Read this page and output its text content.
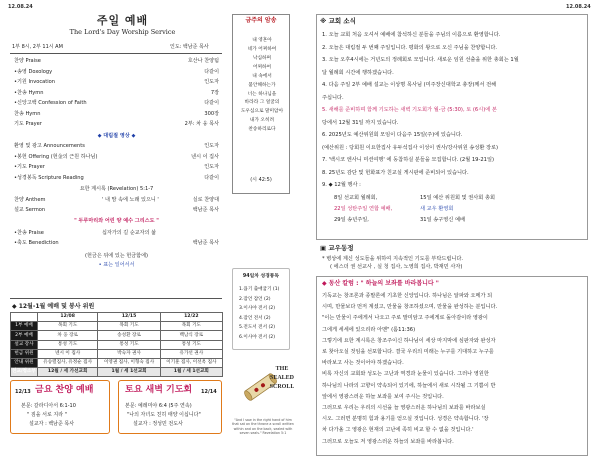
12.08.24	12.08.24
주일 예배
The Lord's Day Worship Service
1부 8시, 2부 11시 AM	인도: 백남준 목사
찬양 Praise	호산나 찬양팀
•송영 Doxology	다같이
•기원 Invocation	인도자
•찬송 Hymn	7장
•신앙고백 Confession of Faith	다같이
찬송 Hymn	300장
기도 Prayer	2부: 차 웅 목사
◆ 대림절 영상 ◆
환영 및 광고 Announcements	인도자
•봉헌 Offering (헌金의 근원 하나님)	넨시 이 집사
•기도 Prayer	인도자
•성경봉독 Scripture Reading	다같이
요한 계시록 (Revelation) 5:1-7
찬양 Anthem	' 내 맘 속에 노래 있으니 '	실로 찬양대
설교 Sermon	백남준 목사
" 두루마리와 어린 양 예수 그리스도 "
•찬송 Praise	십자가의 길 순교자의 삶
•축도 Benediction	백남준 목사
(헌금은 뒤에 있는 헌금함에)
• 표는 일어서서
◆ 12월-1월 예배 및 봉사 위원
	12/08	12/15	12/22
1부 예배	목회 기도	목회 기도	목회 기도
2부 예배	차 웅 장로	송성환 장로	백남식 장로
설교 강사	통성 기도	통성 기도	통성 기도
헌금 위원	넨시 이 집사	박숙자 권사	유가선 권사
안내 위원	유승렬집사, 유정순 집사	이영권 집사, 이형숙 집사	이기훈 집사, 이선옥 집사
친교/청소부	12월 / 세 가선교회	1월 / 세 1선교회	1월 / 세 1선교회
12/13 금요 찬양 예배
본문: 갈라디아서 6:1-10
" 짐을 서로 지라 "
설교자 : 백남준 목사
토요 새벽 기도회 12/14
본문: 예레미야 6:4 (5주 연속)
"나의 자녀도 친히 태양 이십니다"
설교자 : 정성민 전도사
금주의 암송
내 영혼아
네가 어찌하여
낙심하며
어찌하여
내 속에서
불안해하는가
너는 하나님을
바라라 그 얼굴의
도우심으로 말미암아
내가 오히려
찬송하리로다
(시 42:5)
94일차 성경통독
1.욥기 출애굽기 (1)
2.잠언 잠언 (2)
3.이사야 전서 (2)
4.잠언 전서 (2)
5.전도서 전서 (2)
6.이사야 전서 (2)
THE
SEALED
SCROLL
"And I saw in the right hand of him that sat on the throne a scroll written within and on the back, sealed with seven seals." Revelation 5:1
※ 교회 소식
1. 오늘 교회 처음 오셔서 예배에 참석하신 분들을 주님의 이름으로 환영합니다.
2. 오늘은 대림절 두 번째 주일입니다. 평화의 왕으로 오신 주님을 찬양합니다.
3. 오늘 오후4시에는 거년도의 정례회로 모입니다. 새로운 임원 선출을 위한 총회는 1월
달 월례회 시간에 행하겠습니다.
4. 다음 주일 2부 예배 설교는 이상명 목사님 (미주장신대학교 총장)께서 전해
주십니다.
5. 새해를 준비하며 함께 기도하는 새벽 기도회가 월-금 (5:30), 토 (6시)에 본
당에서 12월 31일 까지 있습니다.
6. 2025년도 예산위원회 모임이 다음주 15일(주)에 있습니다.
(예산위원 : 당회원 이요한집사 유두석집사 이성이 권사/강사위원 송성환 장로)
7. '백시코 엔사니 미션여행' 에 동참하실 분들을 모집합니다. (2월 19-21일)
8. 25년도 감단 및 헌화표가 친교실 게시판에 준비되어 있습니다.
9. ◆ 12월 행사 :
8일 선교회 월례회,	15일 예산 위원회 및 권사회 총회
22일 성탄주일 연합 예배,	새 교우 환영회
29일 송년주일,	31일 송구영신 예배
▣ 교우동정
* 병상에 계신 성도들을 위하여 지속적인 기도를 부탁드립니다.
( 에스더 권 선교사 , 실 청 집사, 노영희 집사, 박재민 사자)
◆ 동산 칼럼 : " 하늘의 보좌를 바라봅니다 "
기독교는 창조론과 종말론에 기초한 신앙입니다. 하나님은 알파와 오메가 되
시며, 만물보다 먼저 계셨고, 만물을 창조하셨으며, 만물을 완성하는 분입니다.
"이는 만물이 주에게서 나오고 주로 말미암고 주에게로 돌아감이라 영광이
그에게 세세에 있으리라 아멘" (롬11:36)
그렇기에 요한 계시록은 창조주이신 하나님이 세상 마지막에 심판자와 완성자
로 찾아오실 것임을 선포합니다. 결국 우리의 미래는 누구를 기대하고 누구를
바라보고 사는 것이어야 하겠습니다.
비록 자신의 교회와 성도는 고난과 역경과 눈물이 있습니다. 그러나 영원한
하나님의 나라의 고향이 약속되어 있기에, 하늘에서 새로 시작될 그 기쁨이 반
앞에서 영광스러운 하늘 보좌를 보여 주시는 것입니다.
그러므로 우리는 우리의 시선을 늘 영광스러운 하나님의 보좌를 바라보실
시오. 그러면 분명히 힘과 용기를 얻으실 것입니다. 성경은 약속합니다. '장
차 다가올 그 영광은 현재의 고난에 족히 비교 할 수 없을 것입니다.'
그러므로 오늘도 저 영광스러운 하늘의 보좌를 바라봅니다.
